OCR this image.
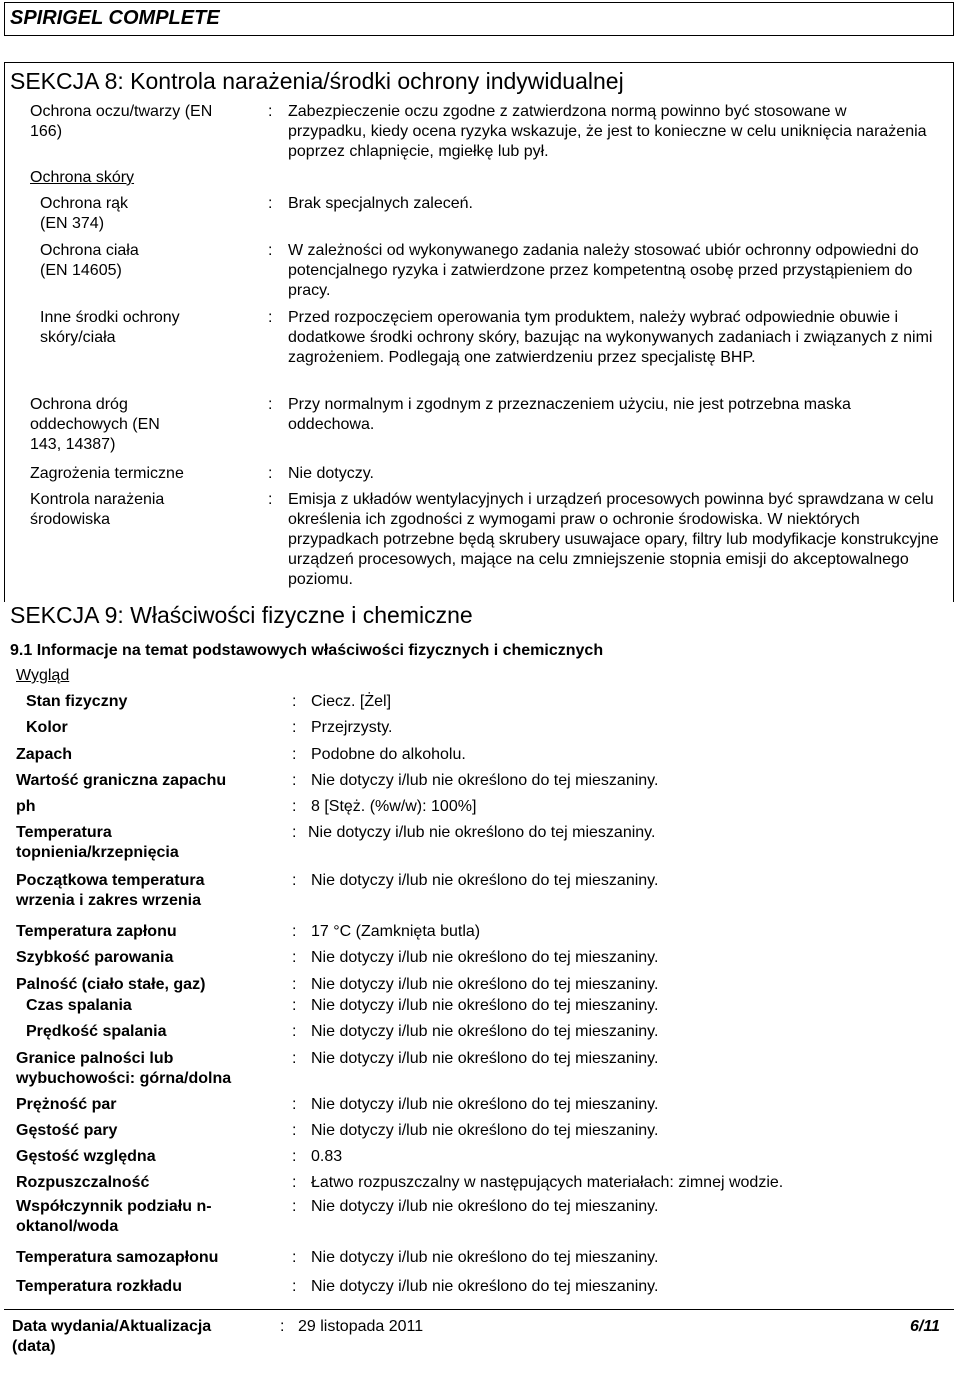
SPIRIGEL COMPLETE
SEKCJA 8: Kontrola narażenia/środki ochrony indywidualnej
Ochrona oczu/twarzy (EN 166)
: Zabezpieczenie oczu zgodne z zatwierdzona normą powinno być stosowane w przypadku, kiedy ocena ryzyka wskazuje, że jest to konieczne w celu uniknięcia narażenia poprzez chlapnięcie, mgiełkę lub pył.
Ochrona skóry
Ochrona rąk (EN 374)
: Brak specjalnych zaleceń.
Ochrona ciała (EN 14605)
: W zależności od wykonywanego zadania należy stosować ubiór ochronny odpowiedni do potencjalnego ryzyka i zatwierdzone przez kompetentną osobę przed przystąpieniem do pracy.
Inne środki ochrony skóry/ciała
: Przed rozpoczęciem operowania tym produktem, należy wybrać odpowiednie obuwie i dodatkowe środki ochrony skóry, bazując na wykonywanych zadaniach i związanych z nimi zagrożeniem. Podlegają one zatwierdzeniu przez specjalistę BHP.
Ochrona dróg oddechowych (EN 143, 14387)
: Przy normalnym i zgodnym z przeznaczeniem użyciu, nie jest potrzebna maska oddechowa.
Zagrożenia termiczne	: Nie dotyczy.
Kontrola narażenia środowiska
: Emisja z układów wentylacyjnych i urządzeń procesowych powinna być sprawdzana w celu określenia ich zgodności z wymogami praw o ochronie środowiska. W niektórych przypadkach potrzebne będą skrubery usuwajace opary, filtry lub modyfikacje konstrukcyjne urządzeń procesowych, mające na celu zmniejszenie stopnia emisji do akceptowalnego poziomu.
SEKCJA 9: Właściwości fizyczne i chemiczne
9.1 Informacje na temat podstawowych właściwości fizycznych i chemicznych
Wygląd
Stan fizyczny	: Ciecz. [Żel]
Kolor	: Przejrzysty.
Zapach	: Podobne do alkoholu.
Wartość graniczna zapachu	: Nie dotyczy i/lub nie określono do tej mieszaniny.
ph	: 8 [Stęż. (%w/w): 100%]
Temperatura topnienia/krzepnięcia
: Nie dotyczy i/lub nie określono do tej mieszaniny.
Początkowa temperatura wrzenia i zakres wrzenia
: Nie dotyczy i/lub nie określono do tej mieszaniny.
Temperatura zapłonu	: 17 °C (Zamknięta butla)
Szybkość parowania	: Nie dotyczy i/lub nie określono do tej mieszaniny.
Palność (ciało stałe, gaz)	: Nie dotyczy i/lub nie określono do tej mieszaniny.
Czas spalania	: Nie dotyczy i/lub nie określono do tej mieszaniny.
Prędkość spalania	: Nie dotyczy i/lub nie określono do tej mieszaniny.
Granice palności lub wybuchowości: górna/dolna
: Nie dotyczy i/lub nie określono do tej mieszaniny.
Prężność par	: Nie dotyczy i/lub nie określono do tej mieszaniny.
Gęstość pary	: Nie dotyczy i/lub nie określono do tej mieszaniny.
Gęstość względna	: 0.83
Rozpuszczalność	: Łatwo rozpuszczalny w następujących materiałach: zimnej wodzie.
Współczynnik podziału n-oktanol/woda
: Nie dotyczy i/lub nie określono do tej mieszaniny.
Temperatura samozapłonu	: Nie dotyczy i/lub nie określono do tej mieszaniny.
Temperatura rozkładu	: Nie dotyczy i/lub nie określono do tej mieszaniny.
Data wydania/Aktualizacja (data)
: 29 listopada 2011	6/11
